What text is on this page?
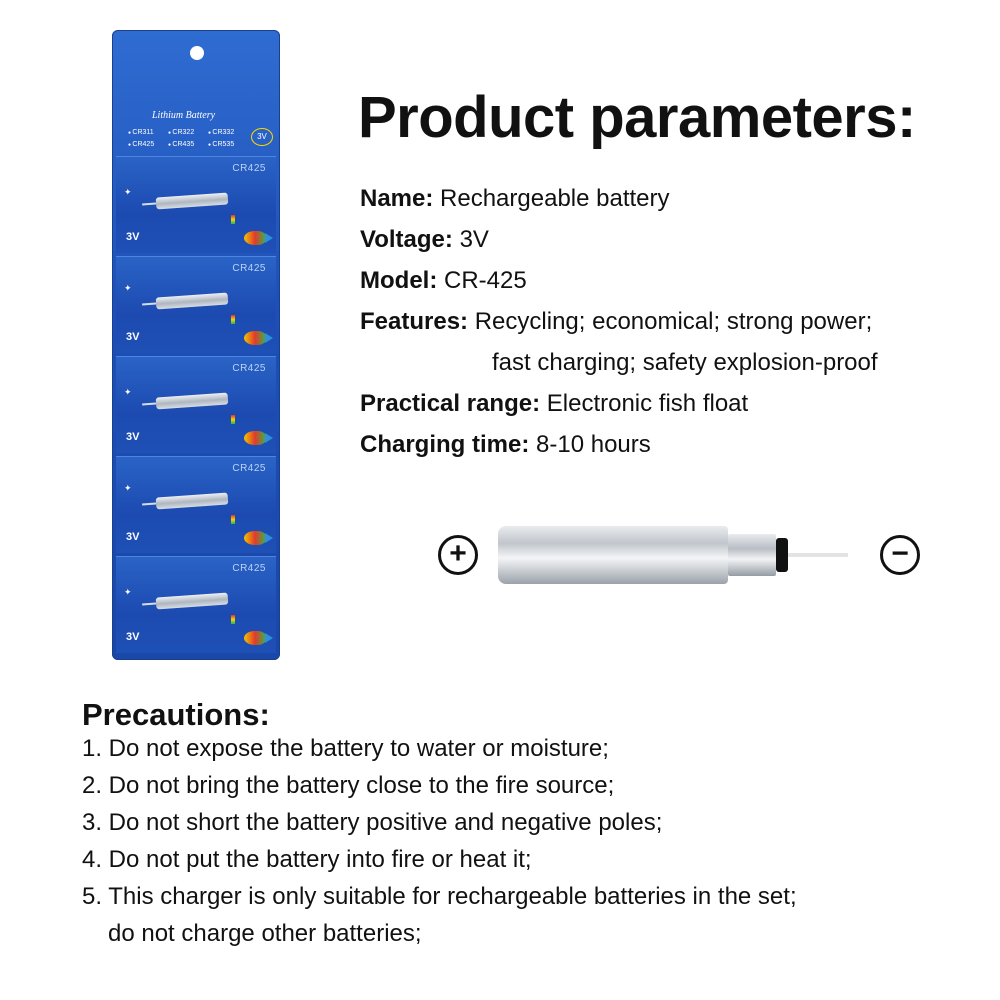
Lithium Battery
● CR311	● CR322	● CR332
● CR425	● CR435	● CR535
3V
CR425
✦
3V
CR425
✦
3V
CR425
✦
3V
CR425
✦
3V
CR425
✦
3V
Product parameters:
Name: Rechargeable battery
Voltage: 3V
Model: CR-425
Features: Recycling; economical; strong power;
fast charging; safety explosion-proof
Practical range: Electronic fish float
Charging time: 8-10 hours
+	−
Precautions:
1. Do not expose the battery to water or moisture;
2. Do not bring the battery close to the fire source;
3. Do not short the battery positive and negative poles;
4. Do not put the battery into fire or heat it;
5. This charger is only suitable for rechargeable batteries in the set;
do not charge other batteries;
